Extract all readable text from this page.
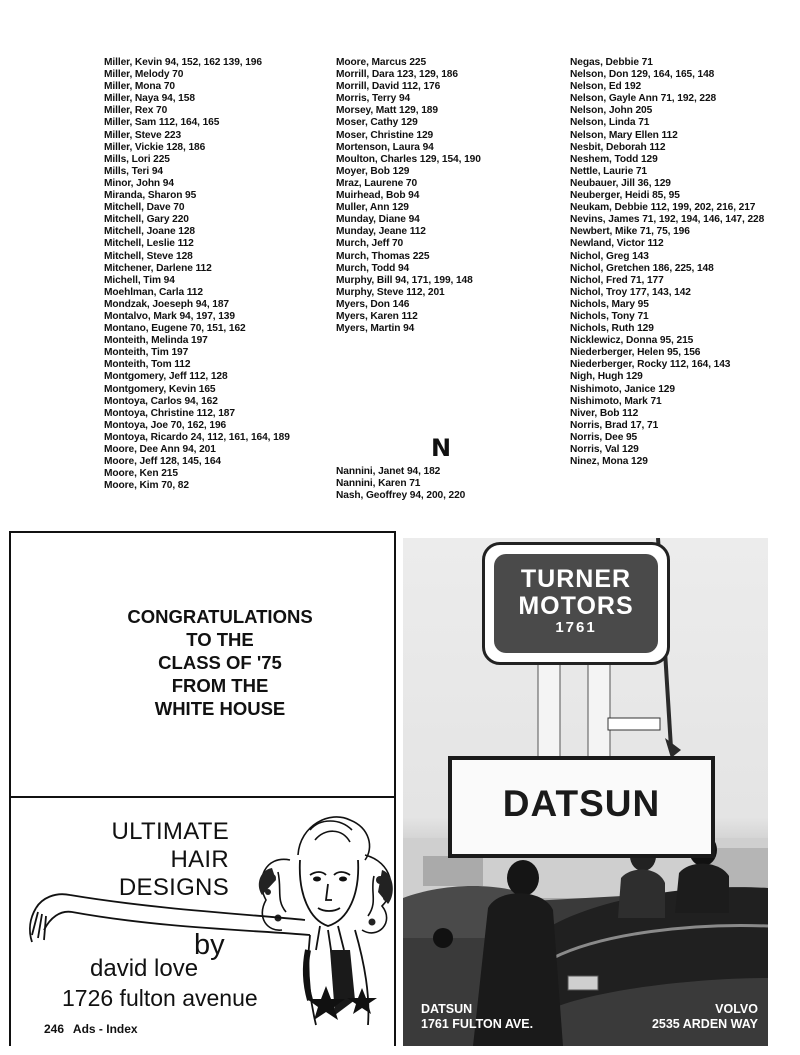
Miller, Kevin 94, 152, 162 139, 196
Miller, Melody 70
Miller, Mona 70
Miller, Naya 94, 158
Miller, Rex 70
Miller, Sam 112, 164, 165
Miller, Steve 223
Miller, Vickie 128, 186
Mills, Lori 225
Mills, Teri 94
Minor, John 94
Miranda, Sharon 95
Mitchell, Dave 70
Mitchell, Gary 220
Mitchell, Joane 128
Mitchell, Leslie 112
Mitchell, Steve 128
Mitchener, Darlene 112
Michell, Tim 94
Moehlman, Carla 112
Mondzak, Joeseph 94, 187
Montalvo, Mark 94, 197, 139
Montano, Eugene 70, 151, 162
Monteith, Melinda 197
Monteith, Tim 197
Monteith, Tom 112
Montgomery, Jeff 112, 128
Montgomery, Kevin 165
Montoya, Carlos 94, 162
Montoya, Christine 112, 187
Montoya, Joe 70, 162, 196
Montoya, Ricardo 24, 112, 161, 164, 189
Moore, Dee Ann 94, 201
Moore, Jeff 128, 145, 164
Moore, Ken 215
Moore, Kim 70, 82
Moore, Marcus 225
Morrill, Dara 123, 129, 186
Morrill, David 112, 176
Morris, Terry 94
Morsey, Matt 129, 189
Moser, Cathy 129
Moser, Christine 129
Mortenson, Laura 94
Moulton, Charles 129, 154, 190
Moyer, Bob 129
Mraz, Laurene 70
Muirhead, Bob 94
Muller, Ann 129
Munday, Diane 94
Munday, Jeane 112
Murch, Jeff 70
Murch, Thomas 225
Murch, Todd 94
Murphy, Bill 94, 171, 199, 148
Murphy, Steve 112, 201
Myers, Don 146
Myers, Karen 112
Myers, Martin 94
N
Nannini, Janet 94, 182
Nannini, Karen 71
Nash, Geoffrey 94, 200, 220
Negas, Debbie 71
Nelson, Don 129, 164, 165, 148
Nelson, Ed 192
Nelson, Gayle Ann 71, 192, 228
Nelson, John 205
Nelson, Linda 71
Nelson, Mary Ellen 112
Nesbit, Deborah 112
Neshem, Todd 129
Nettle, Laurie 71
Neubauer, Jill 36, 129
Neuberger, Heidi 85, 95
Neukam, Debbie 112, 199, 202, 216, 217
Nevins, James 71, 192, 194, 146, 147, 228
Newbert, Mike 71, 75, 196
Newland, Victor 112
Nichol, Greg 143
Nichol, Gretchen 186, 225, 148
Nichol, Fred 71, 177
Nichol, Troy 177, 143, 142
Nichols, Mary 95
Nichols, Tony 71
Nichols, Ruth 129
Nicklewicz, Donna 95, 215
Niederberger, Helen 95, 156
Niederberger, Rocky 112, 164, 143
Nigh, Hugh 129
Nishimoto, Janice 129
Nishimoto, Mark 71
Niver, Bob 112
Norris, Brad 17, 71
Norris, Dee 95
Norris, Val 129
Ninez, Mona 129
CONGRATULATIONS
TO THE
CLASS OF '75
FROM THE
WHITE HOUSE
ULTIMATE
HAIR
DESIGNS
by
david love
1726 fulton avenue
TURNER
MOTORS
1761
DATSUN
DATSUN
1761 FULTON AVE.
VOLVO
2535 ARDEN WAY
246 Ads - Index
